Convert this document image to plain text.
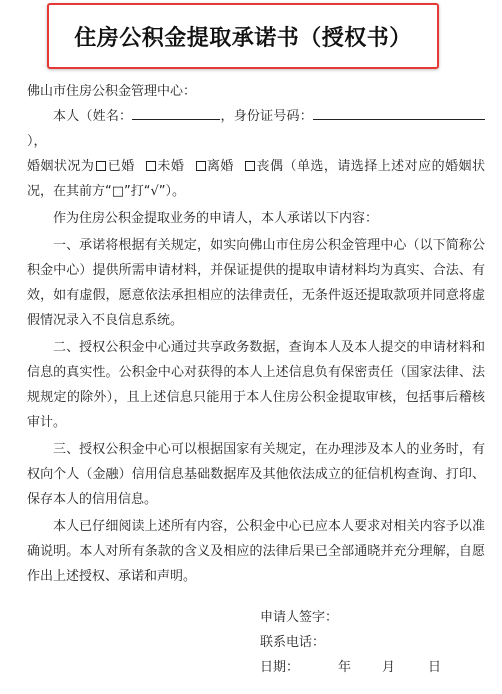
住房公积金提取承诺书（授权书）

佛山市住房公积金管理中心：

本人（姓名：	，身份证号码：），

婚姻状况为 已婚 未婚 离婚 丧偶（单选，请选择上述对应的婚姻状况，在其前方“□”打“√”）。

作为住房公积金提取业务的申请人，本人承诺以下内容：

一、承诺将根据有关规定，如实向佛山市住房公积金管理中心（以下简称公积金中心）提供所需申请材料，并保证提供的提取申请材料均为真实、合法、有效，如有虚假，愿意依法承担相应的法律责任，无条件返还提取款项并同意将虚假情况录入不良信息系统。

二、授权公积金中心通过共享政务数据，查询本人及本人提交的申请材料和信息的真实性。公积金中心对获得的本人上述信息负有保密责任（国家法律、法规规定的除外），且上述信息只能用于本人住房公积金提取审核，包括事后稽核审计。

三、授权公积金中心可以根据国家有关规定，在办理涉及本人的业务时，有权向个人（金融）信用信息基础数据库及其他依法成立的征信机构查询、打印、保存本人的信用信息。

本人已仔细阅读上述所有内容，公积金中心已应本人要求对相关内容予以准确说明。本人对所有条款的含义及相应的法律后果已全部通晓并充分理解，自愿作出上述授权、承诺和声明。

申请人签字：
联系电话：
日期：	年 月	日
